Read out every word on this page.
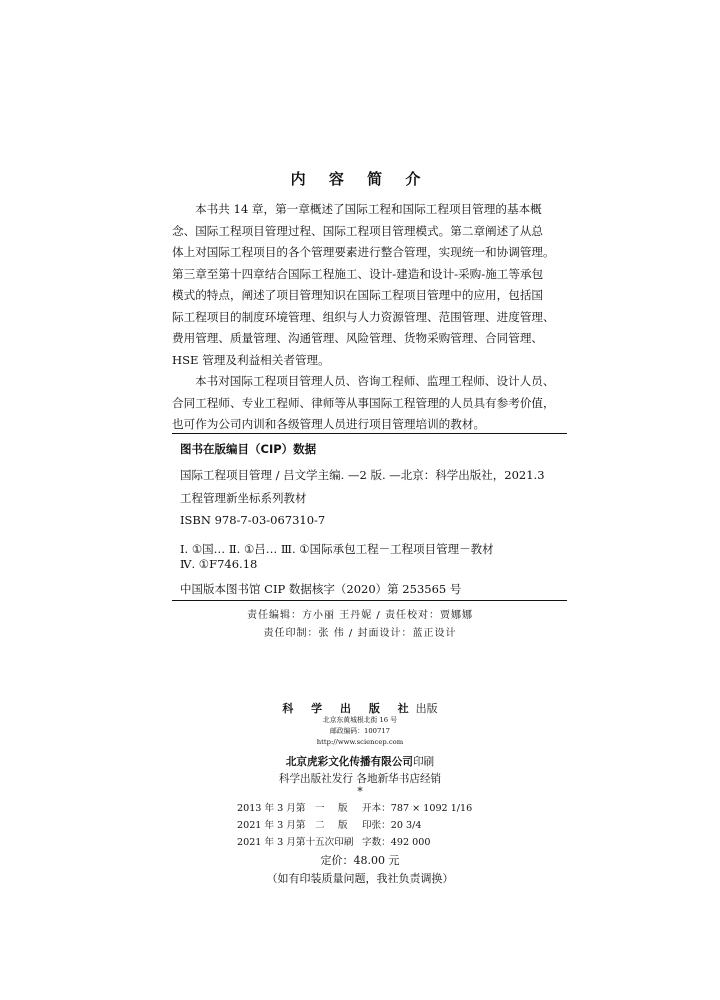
内 容 简 介
本书共 14 章，第一章概述了国际工程和国际工程项目管理的基本概
念、国际工程项目管理过程、国际工程项目管理模式。第二章阐述了从总
体上对国际工程项目的各个管理要素进行整合管理，实现统一和协调管理。
第三章至第十四章结合国际工程施工、设计-建造和设计-采购-施工等承包
模式的特点，阐述了项目管理知识在国际工程项目管理中的应用，包括国
际工程项目的制度环境管理、组织与人力资源管理、范围管理、进度管理、
费用管理、质量管理、沟通管理、风险管理、货物采购管理、合同管理、
HSE 管理及利益相关者管理。
本书对国际工程项目管理人员、咨询工程师、监理工程师、设计人员、
合同工程师、专业工程师、律师等从事国际工程管理的人员具有参考价值，
也可作为公司内训和各级管理人员进行项目管理培训的教材。
图书在版编目（CIP）数据
国际工程项目管理 / 吕文学主编. —2 版. —北京：科学出版社，2021.3
工程管理新坐标系列教材
ISBN 978-7-03-067310-7
Ⅰ. ①国… Ⅱ. ①吕… Ⅲ. ①国际承包工程－工程项目管理－教材
Ⅳ. ①F746.18
中国版本图书馆 CIP 数据核字（2020）第 253565 号
责任编辑：方小丽 王丹妮 / 责任校对：贾娜娜
责任印制：张 伟 / 封面设计：蓝正设计
科 学 出 版 社出版
北京东黄城根北街 16 号
邮政编码：100717
http://www.sciencep.com
北京虎彩文化传播有限公司印刷
科学出版社发行 各地新华书店经销
*
2013 年 3 月第 一 版 开本：787 × 1092 1/16
2021 年 3 月第 二 版 印张：20 3/4
2021 年 3 月第十五次印刷 字数：492 000
定价：48.00 元
（如有印装质量问题，我社负责调换）
